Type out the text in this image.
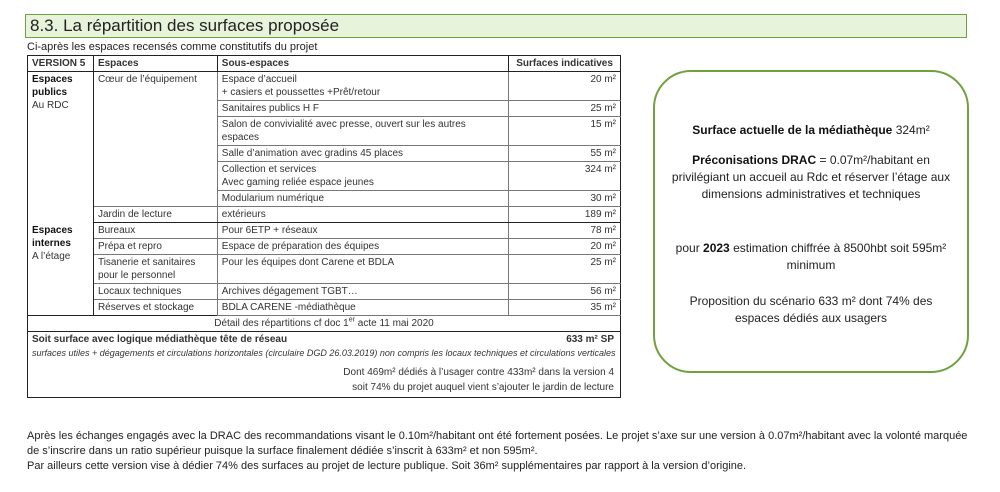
8.3. La répartition des surfaces proposée
Ci-après les espaces recensés comme constitutifs du projet
VERSION 5	Espaces	Sous-espaces	Surfaces indicatives

Espaces publics
Au RDC	Cœur de l’équipement	Espace d’accueil
+ casiers et poussettes +Prêt/retour	20 m²
		Sanitaires publics H F	25 m²
		Salon de convivialité avec presse, ouvert sur les autres espaces	15 m²
		Salle d’animation avec gradins 45 places	55 m²
		Collection et services
Avec gaming reliée espace jeunes	324 m²
		Modularium numérique	30 m²
	Jardin de lecture	extérieurs	189 m²

Espaces internes
A l’étage	Bureaux	Pour 6ETP + réseaux	78 m²
	Prépa et repro	Espace de préparation des équipes	20 m²
	Tisanerie et sanitaires pour le personnel	Pour les équipes dont Carene et BDLA	25 m²
	Locaux techniques	Archives dégagement TGBT…	56 m²
	Réserves et stockage	BDLA CARENE -médiathèque	35 m²
Détail des répartitions cf doc 1er acte 11 mai 2020			
Soit surface avec logique médiathèque tête de réseau			633 m² SP
surfaces utiles + dégagements et circulations horizontales (circulaire DGD 26.03.2019) non compris les locaux techniques et circulations verticales			
Dont 469m² dédiés à l’usager contre 433m² dans la version 4			
soit 74% du projet auquel vient s’ajouter le jardin de lecture			
Surface actuelle de la médiathèque 324m²
Préconisations DRAC = 0.07m²/habitant en privilégiant un accueil au Rdc et réserver l’étage aux dimensions administratives et techniques
pour 2023 estimation chiffrée à 8500hbt soit 595m² minimum
Proposition du scénario 633 m² dont 74% des espaces dédiés aux usagers

Après les échanges engagés avec la DRAC des recommandations visant le 0.10m²/habitant ont été fortement posées. Le projet s’axe sur une version à 0.07m²/habitant avec la volonté marquée de s’inscrire dans un ratio supérieur puisque la surface finalement dédiée s’inscrit à 633m² et non 595m².

Par ailleurs cette version vise à dédier 74% des surfaces au projet de lecture publique. Soit 36m² supplémentaires par rapport à la version d’origine.
